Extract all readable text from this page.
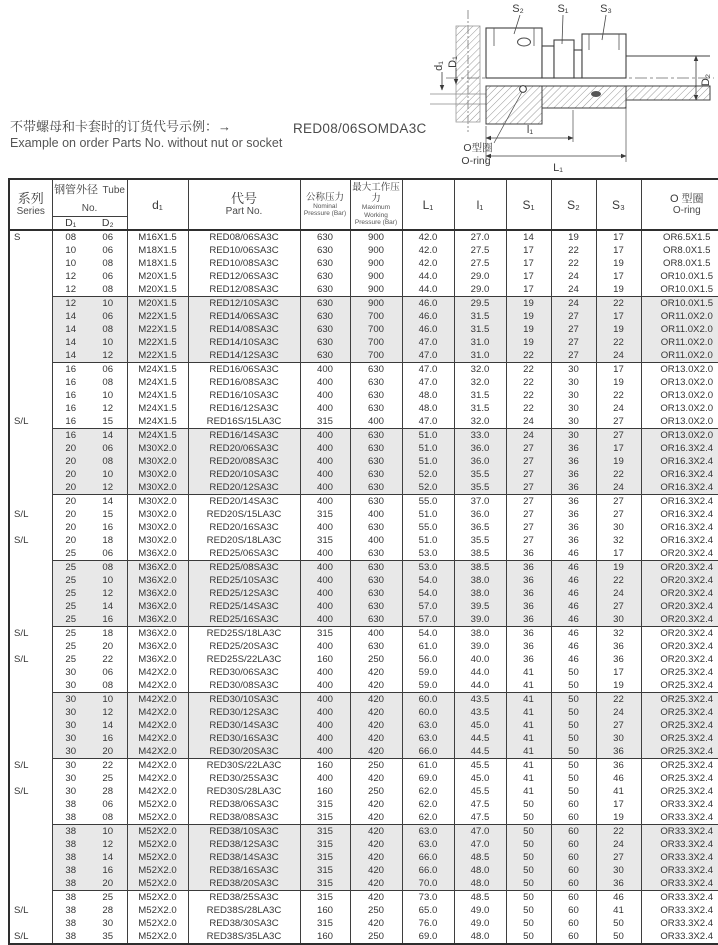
不带螺母和卡套时的订货代号示例：→
Example on order Parts No. without nut or socket
RED08/06SOMDA3C
S₂	S₁	S₃
d₁ D₁
D₂
l₁
L₁
O型圈
O-ring
系列
Series
	钢管外径 Tube No.	d₁	代号
Part No.

公称压力
Nominal
Pressure (Bar)

最大工作压力
Maximum Working
Pressure (Bar)

L₁	l₁	S₁	S₂	S₃	O 型圈
O-ring

	D₁	D₂										
S	08	06	M16X1.5	RED08/06SA3C	630	900	42.0	27.0	14	19	17	OR6.5X1.5
	10	06	M18X1.5	RED10/06SA3C	630	900	42.0	27.5	17	22	17	OR8.0X1.5
	10	08	M18X1.5	RED10/08SA3C	630	900	42.0	27.5	17	22	19	OR8.0X1.5
	12	06	M20X1.5	RED12/06SA3C	630	900	44.0	29.0	17	24	17	OR10.0X1.5
	12	08	M20X1.5	RED12/08SA3C	630	900	44.0	29.0	17	24	19	OR10.0X1.5
	12	10	M20X1.5	RED12/10SA3C	630	900	46.0	29.5	19	24	22	OR10.0X1.5
	14	06	M22X1.5	RED14/06SA3C	630	700	46.0	31.5	19	27	17	OR11.0X2.0
	14	08	M22X1.5	RED14/08SA3C	630	700	46.0	31.5	19	27	19	OR11.0X2.0
	14	10	M22X1.5	RED14/10SA3C	630	700	47.0	31.0	19	27	22	OR11.0X2.0
	14	12	M22X1.5	RED14/12SA3C	630	700	47.0	31.0	22	27	24	OR11.0X2.0
	16	06	M24X1.5	RED16/06SA3C	400	630	47.0	32.0	22	30	17	OR13.0X2.0
	16	08	M24X1.5	RED16/08SA3C	400	630	47.0	32.0	22	30	19	OR13.0X2.0
	16	10	M24X1.5	RED16/10SA3C	400	630	48.0	31.5	22	30	22	OR13.0X2.0
	16	12	M24X1.5	RED16/12SA3C	400	630	48.0	31.5	22	30	24	OR13.0X2.0
S/L	16	15	M24X1.5	RED16S/15LA3C	315	400	47.0	32.0	24	30	27	OR13.0X2.0
	16	14	M24X1.5	RED16/14SA3C	400	630	51.0	33.0	24	30	27	OR13.0X2.0
	20	06	M30X2.0	RED20/06SA3C	400	630	51.0	36.0	27	36	17	OR16.3X2.4
	20	08	M30X2.0	RED20/08SA3C	400	630	51.0	36.0	27	36	19	OR16.3X2.4
	20	10	M30X2.0	RED20/10SA3C	400	630	52.0	35.5	27	36	22	OR16.3X2.4
	20	12	M30X2.0	RED20/12SA3C	400	630	52.0	35.5	27	36	24	OR16.3X2.4
	20	14	M30X2.0	RED20/14SA3C	400	630	55.0	37.0	27	36	27	OR16.3X2.4
S/L	20	15	M30X2.0	RED20S/15LA3C	315	400	51.0	36.0	27	36	27	OR16.3X2.4
	20	16	M30X2.0	RED20/16SA3C	400	630	55.0	36.5	27	36	30	OR16.3X2.4
S/L	20	18	M30X2.0	RED20S/18LA3C	315	400	51.0	35.5	27	36	32	OR16.3X2.4
	25	06	M36X2.0	RED25/06SA3C	400	630	53.0	38.5	36	46	17	OR20.3X2.4
	25	08	M36X2.0	RED25/08SA3C	400	630	53.0	38.5	36	46	19	OR20.3X2.4
	25	10	M36X2.0	RED25/10SA3C	400	630	54.0	38.0	36	46	22	OR20.3X2.4
	25	12	M36X2.0	RED25/12SA3C	400	630	54.0	38.0	36	46	24	OR20.3X2.4
	25	14	M36X2.0	RED25/14SA3C	400	630	57.0	39.5	36	46	27	OR20.3X2.4
	25	16	M36X2.0	RED25/16SA3C	400	630	57.0	39.0	36	46	30	OR20.3X2.4
S/L	25	18	M36X2.0	RED25S/18LA3C	315	400	54.0	38.0	36	46	32	OR20.3X2.4
	25	20	M36X2.0	RED25/20SA3C	400	630	61.0	39.0	36	46	36	OR20.3X2.4
S/L	25	22	M36X2.0	RED25S/22LA3C	160	250	56.0	40.0	36	46	36	OR20.3X2.4
	30	06	M42X2.0	RED30/06SA3C	400	420	59.0	44.0	41	50	17	OR25.3X2.4
	30	08	M42X2.0	RED30/08SA3C	400	420	59.0	44.0	41	50	19	OR25.3X2.4
	30	10	M42X2.0	RED30/10SA3C	400	420	60.0	43.5	41	50	22	OR25.3X2.4
	30	12	M42X2.0	RED30/12SA3C	400	420	60.0	43.5	41	50	24	OR25.3X2.4
	30	14	M42X2.0	RED30/14SA3C	400	420	63.0	45.0	41	50	27	OR25.3X2.4
	30	16	M42X2.0	RED30/16SA3C	400	420	63.0	44.5	41	50	30	OR25.3X2.4
	30	20	M42X2.0	RED30/20SA3C	400	420	66.0	44.5	41	50	36	OR25.3X2.4
S/L	30	22	M42X2.0	RED30S/22LA3C	160	250	61.0	45.5	41	50	36	OR25.3X2.4
	30	25	M42X2.0	RED30/25SA3C	400	420	69.0	45.0	41	50	46	OR25.3X2.4
S/L	30	28	M42X2.0	RED30S/28LA3C	160	250	62.0	45.5	41	50	41	OR25.3X2.4
	38	06	M52X2.0	RED38/06SA3C	315	420	62.0	47.5	50	60	17	OR33.3X2.4
	38	08	M52X2.0	RED38/08SA3C	315	420	62.0	47.5	50	60	19	OR33.3X2.4
	38	10	M52X2.0	RED38/10SA3C	315	420	63.0	47.0	50	60	22	OR33.3X2.4
	38	12	M52X2.0	RED38/12SA3C	315	420	63.0	47.0	50	60	24	OR33.3X2.4
	38	14	M52X2.0	RED38/14SA3C	315	420	66.0	48.5	50	60	27	OR33.3X2.4
	38	16	M52X2.0	RED38/16SA3C	315	420	66.0	48.0	50	60	30	OR33.3X2.4
	38	20	M52X2.0	RED38/20SA3C	315	420	70.0	48.0	50	60	36	OR33.3X2.4
	38	25	M52X2.0	RED38/25SA3C	315	420	73.0	48.5	50	60	46	OR33.3X2.4
S/L	38	28	M52X2.0	RED38S/28LA3C	160	250	65.0	49.0	50	60	41	OR33.3X2.4
	38	30	M52X2.0	RED38/30SA3C	315	420	76.0	49.0	50	60	50	OR33.3X2.4
S/L	38	35	M52X2.0	RED38S/35LA3C	160	250	69.0	48.0	50	60	50	OR33.3X2.4
